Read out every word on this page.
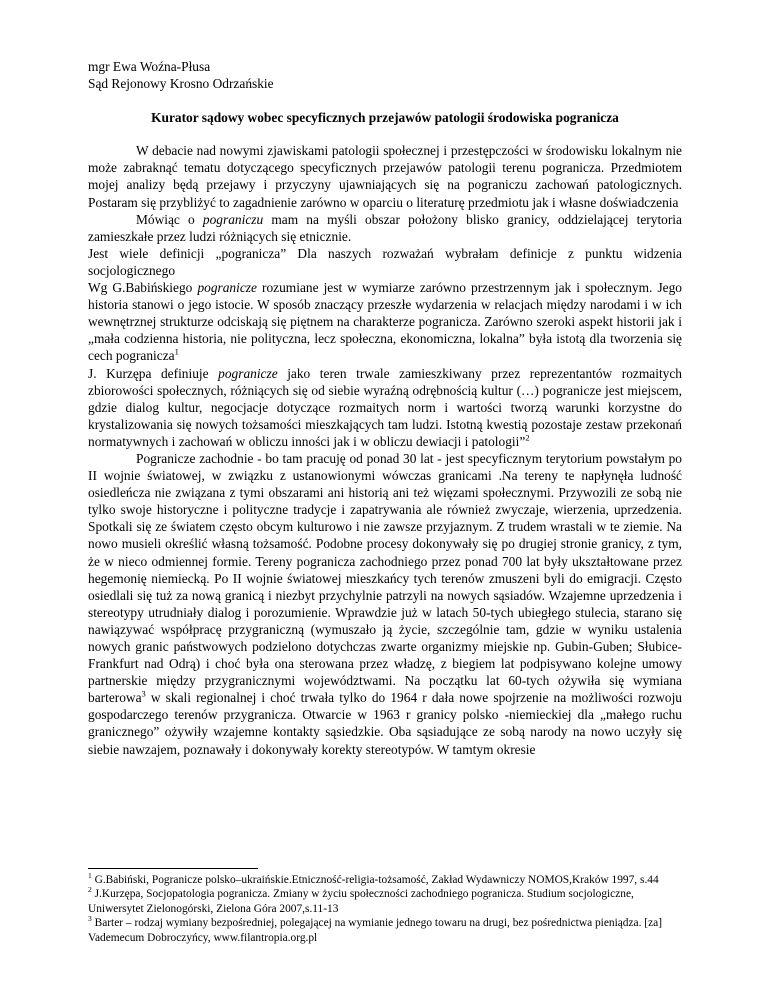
mgr Ewa Woźna-Płusa

Sąd Rejonowy Krosno Odrzańskie

Kurator sądowy wobec specyficznych przejawów patologii środowiska pogranicza

W debacie nad nowymi zjawiskami patologii społecznej i przestępczości w środowisku lokalnym nie może zabraknąć tematu dotyczącego specyficznych przejawów patologii terenu pogranicza. Przedmiotem mojej analizy będą przejawy i przyczyny ujawniających się na pograniczu zachowań patologicznych. Postaram się przybliżyć to zagadnienie zarówno w oparciu o literaturę przedmiotu jak i własne doświadczenia

Mówiąc o pograniczu mam na myśli obszar położony blisko granicy, oddzielającej terytoria zamieszkałe przez ludzi różniących się etnicznie.

Jest wiele definicji „pogranicza” Dla naszych rozważań wybrałam definicje z punktu widzenia socjologicznego

Wg G.Babińskiego pogranicze rozumiane jest w wymiarze zarówno przestrzennym jak i społecznym. Jego historia stanowi o jego istocie. W sposób znaczący przeszłe wydarzenia w relacjach między narodami i w ich wewnętrznej strukturze odciskają się piętnem na charakterze pogranicza. Zarówno szeroki aspekt historii jak i „mała codzienna historia, nie polityczna, lecz społeczna, ekonomiczna, lokalna” była istotą dla tworzenia się cech pogranicza$^1$

J. Kurzępa definiuje pogranicze jako teren trwale zamieszkiwany przez reprezentantów rozmaitych zbiorowości społecznych, różniących się od siebie wyraźną odrębnością kultur (…) pogranicze jest miejscem, gdzie dialog kultur, negocjacje dotyczące rozmaitych norm i wartości tworzą warunki korzystne do krystalizowania się nowych tożsamości mieszkających tam ludzi. Istotną kwestią pozostaje zestaw przekonań normatywnych i zachowań w obliczu inności jak i w obliczu dewiacji i patologii”$^2$

Pogranicze zachodnie - bo tam pracuję od ponad 30 lat - jest specyficznym terytorium powstałym po II wojnie światowej, w związku z ustanowionymi wówczas granicami .Na tereny te napłynęła ludność osiedleńcza nie związana z tymi obszarami ani historią ani też więzami społecznymi. Przywozili ze sobą nie tylko swoje historyczne i polityczne tradycje i zapatrywania ale również zwyczaje, wierzenia, uprzedzenia. Spotkali się ze światem często obcym kulturowo i nie zawsze przyjaznym. Z trudem wrastali w te ziemie. Na nowo musieli określić własną tożsamość. Podobne procesy dokonywały się po drugiej stronie granicy, z tym, że w nieco odmiennej formie. Tereny pogranicza zachodniego przez ponad 700 lat były ukształtowane przez hegemonię niemiecką. Po II wojnie światowej mieszkańcy tych terenów zmuszeni byli do emigracji. Często osiedlali się tuż za nową granicą i niezbyt przychylnie patrzyli na nowych sąsiadów. Wzajemne uprzedzenia i stereotypy utrudniały dialog i porozumienie. Wprawdzie już w latach 50-tych ubiegłego stulecia, starano się nawiązywać współpracę przygraniczną (wymuszało ją życie, szczególnie tam, gdzie w wyniku ustalenia nowych granic państwowych podzielono dotychczas zwarte organizmy miejskie np. Gubin-Guben; Słubice-Frankfurt nad Odrą) i choć była ona sterowana przez władzę, z biegiem lat podpisywano kolejne umowy partnerskie między przygranicznymi województwami. Na początku lat 60-tych ożywiła się wymiana barterowa$^3$ w skali regionalnej i choć trwała tylko do 1964 r dała nowe spojrzenie na możliwości rozwoju gospodarczego terenów przygranicza. Otwarcie w 1963 r granicy polsko -niemieckiej dla „małego ruchu granicznego” ożywiły wzajemne kontakty sąsiedzkie. Oba sąsiadujące ze sobą narody na nowo uczyły się siebie nawzajem, poznawały i dokonywały korekty stereotypów. W tamtym okresie

$^1$ G.Babiński, Pogranicze polsko–ukraińskie.Etniczność-religia-tożsamość, Zakład Wydawniczy NOMOS,Kraków 1997, s.44

$^2$ J.Kurzępa, Socjopatologia pogranicza. Zmiany w życiu społeczności zachodniego pogranicza. Studium socjologiczne, Uniwersytet Zielonogórski, Zielona Góra 2007,s.11-13

$^3$ Barter – rodzaj wymiany bezpośredniej, polegającej na wymianie jednego towaru na drugi, bez pośrednictwa pieniądza. [za] Vademecum Dobroczyńcy, www.filantropia.org.pl
